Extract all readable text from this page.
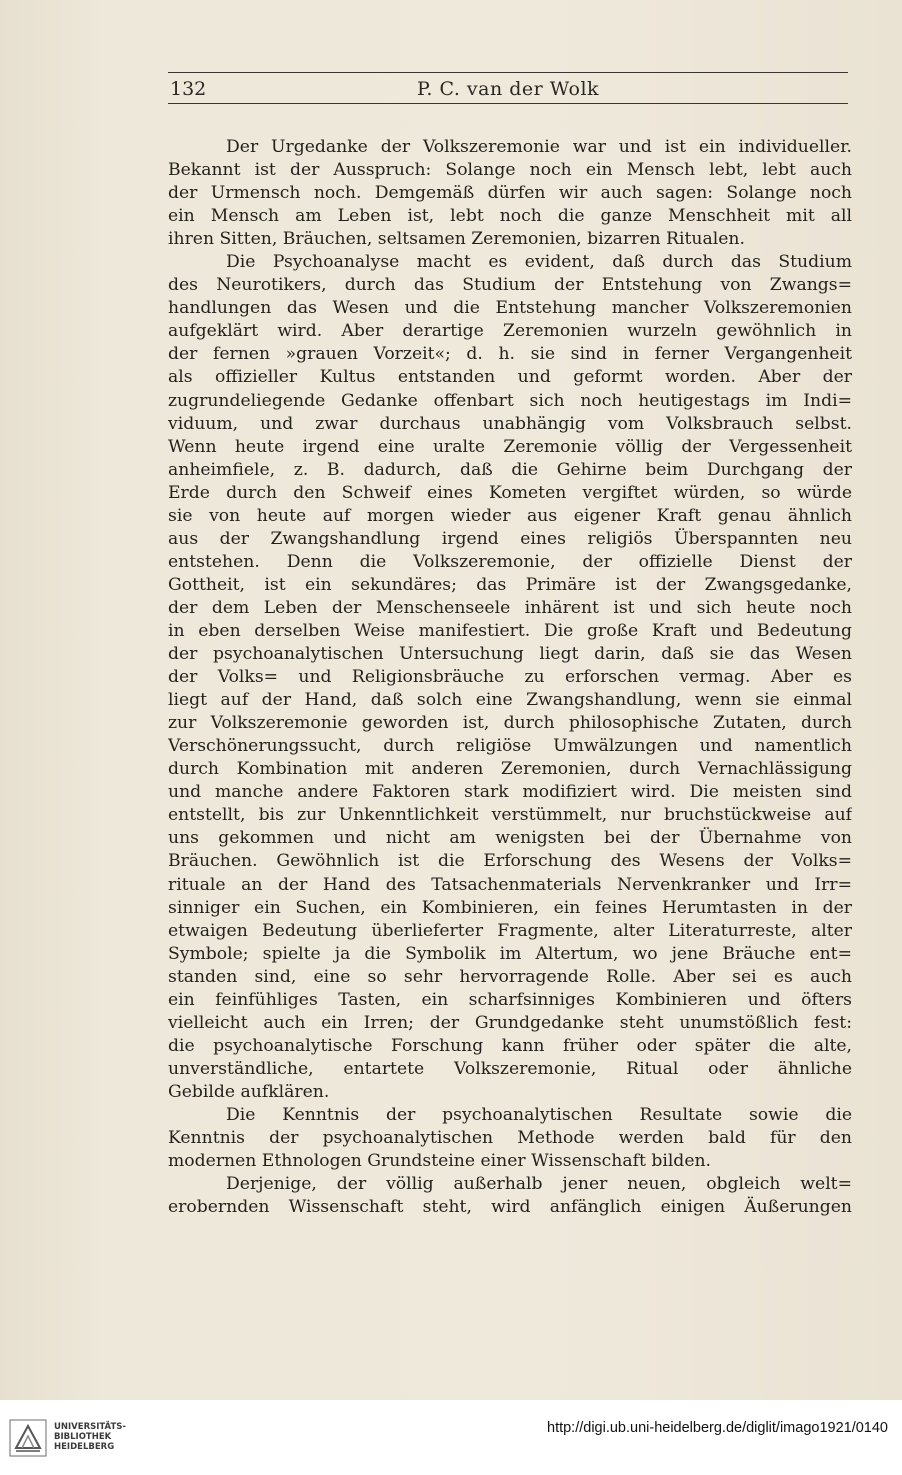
132	P. C. van der Wolk
Der Urgedanke der Volkszeremonie war und ist ein individueller.
Bekannt ist der Ausspruch: Solange noch ein Mensch lebt, lebt auch
der Urmensch noch. Demgemäß dürfen wir auch sagen: Solange noch
ein Mensch am Leben ist, lebt noch die ganze Menschheit mit all
ihren Sitten, Bräuchen, seltsamen Zeremonien, bizarren Ritualen.
Die Psychoanalyse macht es evident, daß durch das Studium
des Neurotikers, durch das Studium der Entstehung von Zwangs=
handlungen das Wesen und die Entstehung mancher Volkszeremonien
aufgeklärt wird. Aber derartige Zeremonien wurzeln gewöhnlich in
der fernen »grauen Vorzeit«; d. h. sie sind in ferner Vergangenheit
als offizieller Kultus entstanden und geformt worden. Aber der
zugrundeliegende Gedanke offenbart sich noch heutigestags im Indi=
viduum, und zwar durchaus unabhängig vom Volksbrauch selbst.
Wenn heute irgend eine uralte Zeremonie völlig der Vergessenheit
anheimfiele, z. B. dadurch, daß die Gehirne beim Durchgang der
Erde durch den Schweif eines Kometen vergiftet würden, so würde
sie von heute auf morgen wieder aus eigener Kraft genau ähnlich
aus der Zwangshandlung irgend eines religiös Überspannten neu
entstehen. Denn die Volkszeremonie, der offizielle Dienst der
Gottheit, ist ein sekundäres; das Primäre ist der Zwangsgedanke,
der dem Leben der Menschenseele inhärent ist und sich heute noch
in eben derselben Weise manifestiert. Die große Kraft und Bedeutung
der psychoanalytischen Untersuchung liegt darin, daß sie das Wesen
der Volks= und Religionsbräuche zu erforschen vermag. Aber es
liegt auf der Hand, daß solch eine Zwangshandlung, wenn sie einmal
zur Volkszeremonie geworden ist, durch philosophische Zutaten, durch
Verschönerungssucht, durch religiöse Umwälzungen und namentlich
durch Kombination mit anderen Zeremonien, durch Vernachlässigung
und manche andere Faktoren stark modifiziert wird. Die meisten sind
entstellt, bis zur Unkenntlichkeit verstümmelt, nur bruchstückweise auf
uns gekommen und nicht am wenigsten bei der Übernahme von
Bräuchen. Gewöhnlich ist die Erforschung des Wesens der Volks=
rituale an der Hand des Tatsachenmaterials Nervenkranker und Irr=
sinniger ein Suchen, ein Kombinieren, ein feines Herumtasten in der
etwaigen Bedeutung überlieferter Fragmente, alter Literaturreste, alter
Symbole; spielte ja die Symbolik im Altertum, wo jene Bräuche ent=
standen sind, eine so sehr hervorragende Rolle. Aber sei es auch
ein feinfühliges Tasten, ein scharfsinniges Kombinieren und öfters
vielleicht auch ein Irren; der Grundgedanke steht unumstößlich fest:
die psychoanalytische Forschung kann früher oder später die alte,
unverständliche, entartete Volkszeremonie, Ritual oder ähnliche
Gebilde aufklären.
Die Kenntnis der psychoanalytischen Resultate sowie die
Kenntnis der psychoanalytischen Methode werden bald für den
modernen Ethnologen Grundsteine einer Wissenschaft bilden.
Derjenige, der völlig außerhalb jener neuen, obgleich welt=
erobernden Wissenschaft steht, wird anfänglich einigen Äußerungen
UNIVERSITÄTS-
BIBLIOTHEK
HEIDELBERG
http://digi.ub.uni-heidelberg.de/diglit/imago1921/0140
